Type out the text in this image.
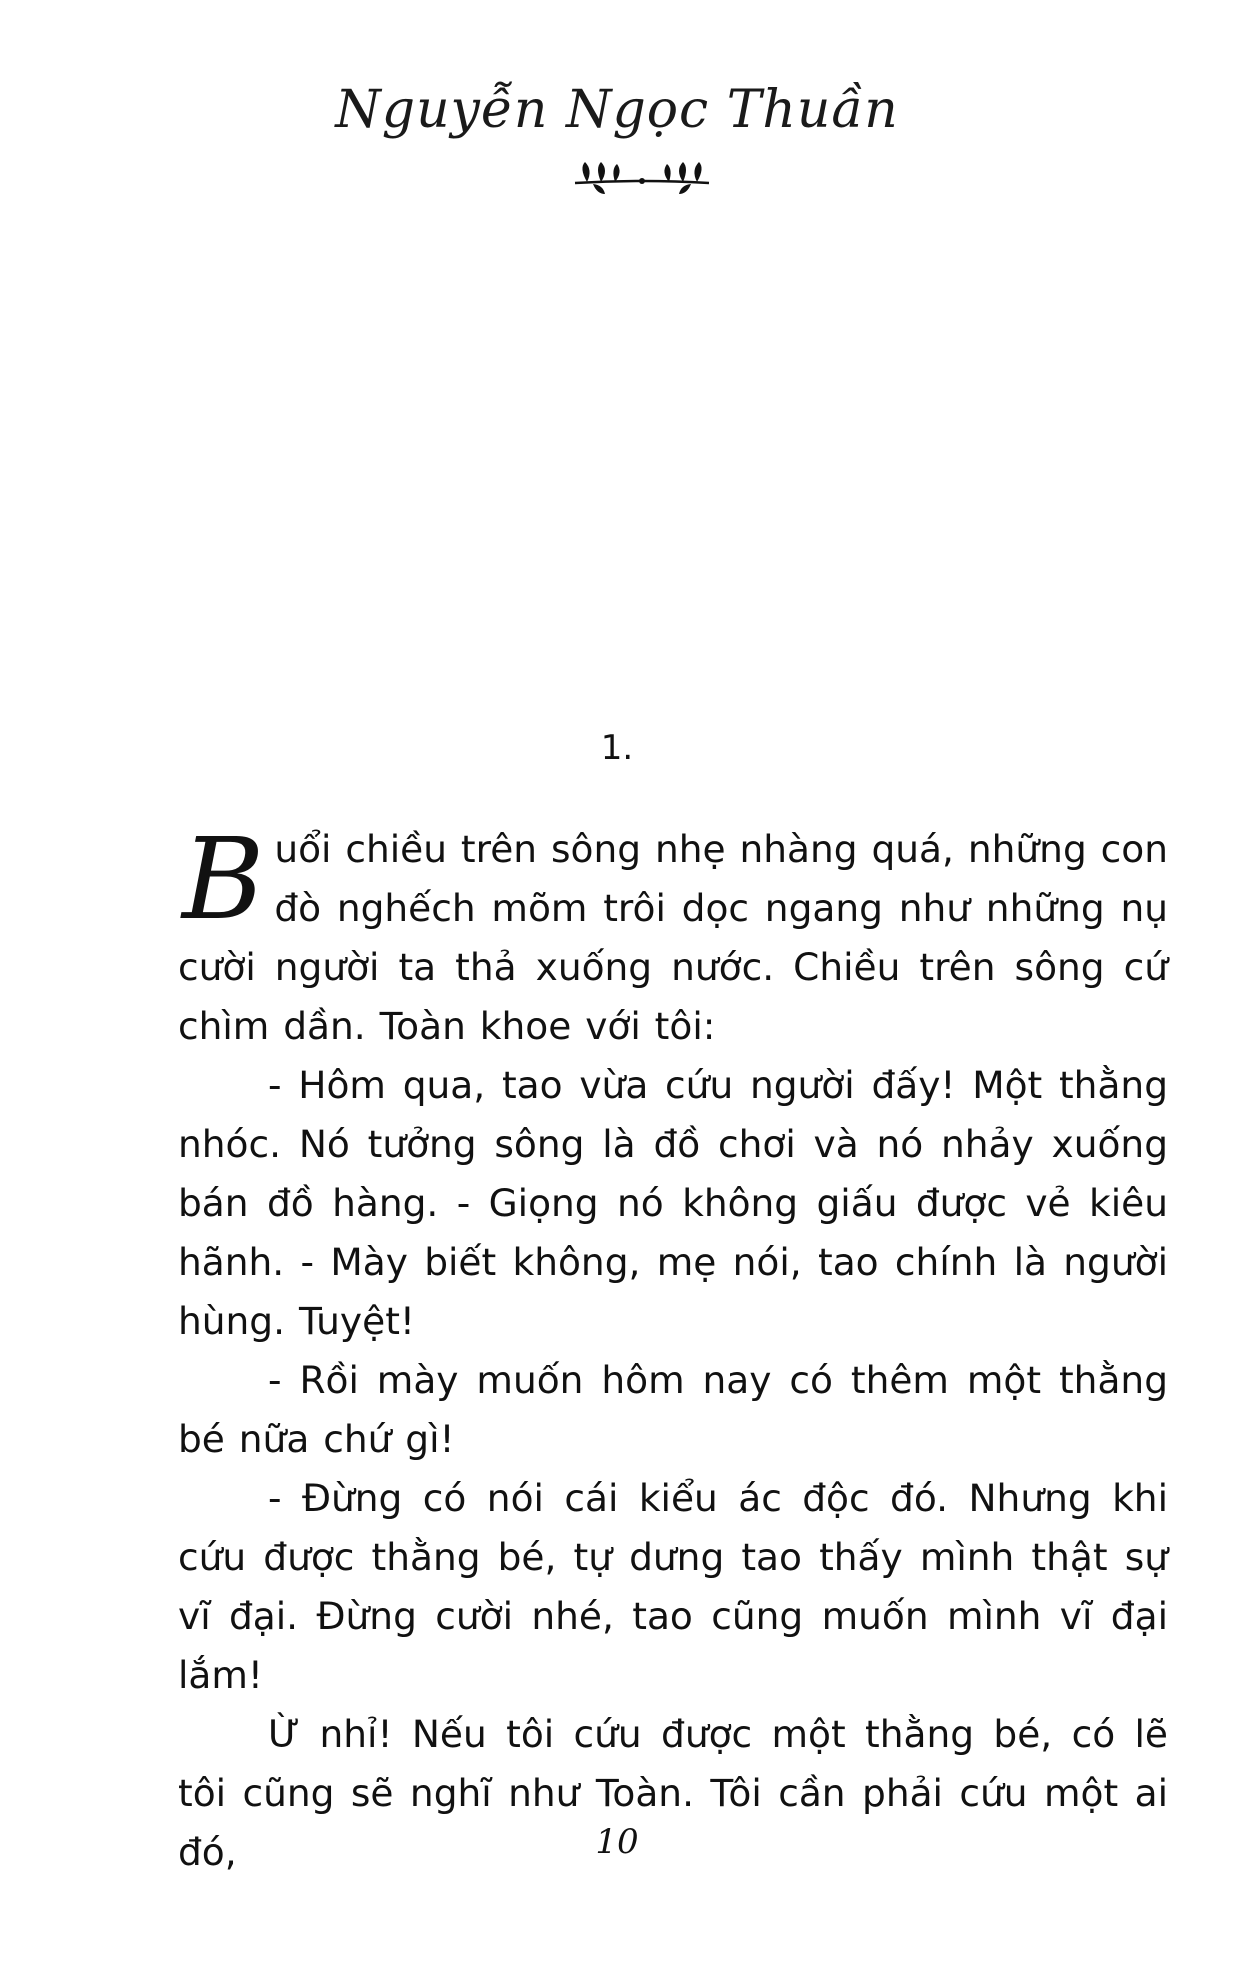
Nguyễn Ngọc Thuần
1.

Buổi chiều trên sông nhẹ nhàng quá, những con đò nghếch mõm trôi dọc ngang như những nụ cười người ta thả xuống nước. Chiều trên sông cứ chìm dần. Toàn khoe với tôi:

- Hôm qua, tao vừa cứu người đấy! Một thằng nhóc. Nó tưởng sông là đồ chơi và nó nhảy xuống bán đồ hàng. - Giọng nó không giấu được vẻ kiêu hãnh. - Mày biết không, mẹ nói, tao chính là người hùng. Tuyệt!

- Rồi mày muốn hôm nay có thêm một thằng bé nữa chứ gì!

- Đừng có nói cái kiểu ác độc đó. Nhưng khi cứu được thằng bé, tự dưng tao thấy mình thật sự vĩ đại. Đừng cười nhé, tao cũng muốn mình vĩ đại lắm!

Ừ nhỉ! Nếu tôi cứu được một thằng bé, có lẽ tôi cũng sẽ nghĩ như Toàn. Tôi cần phải cứu một ai đó,	10
